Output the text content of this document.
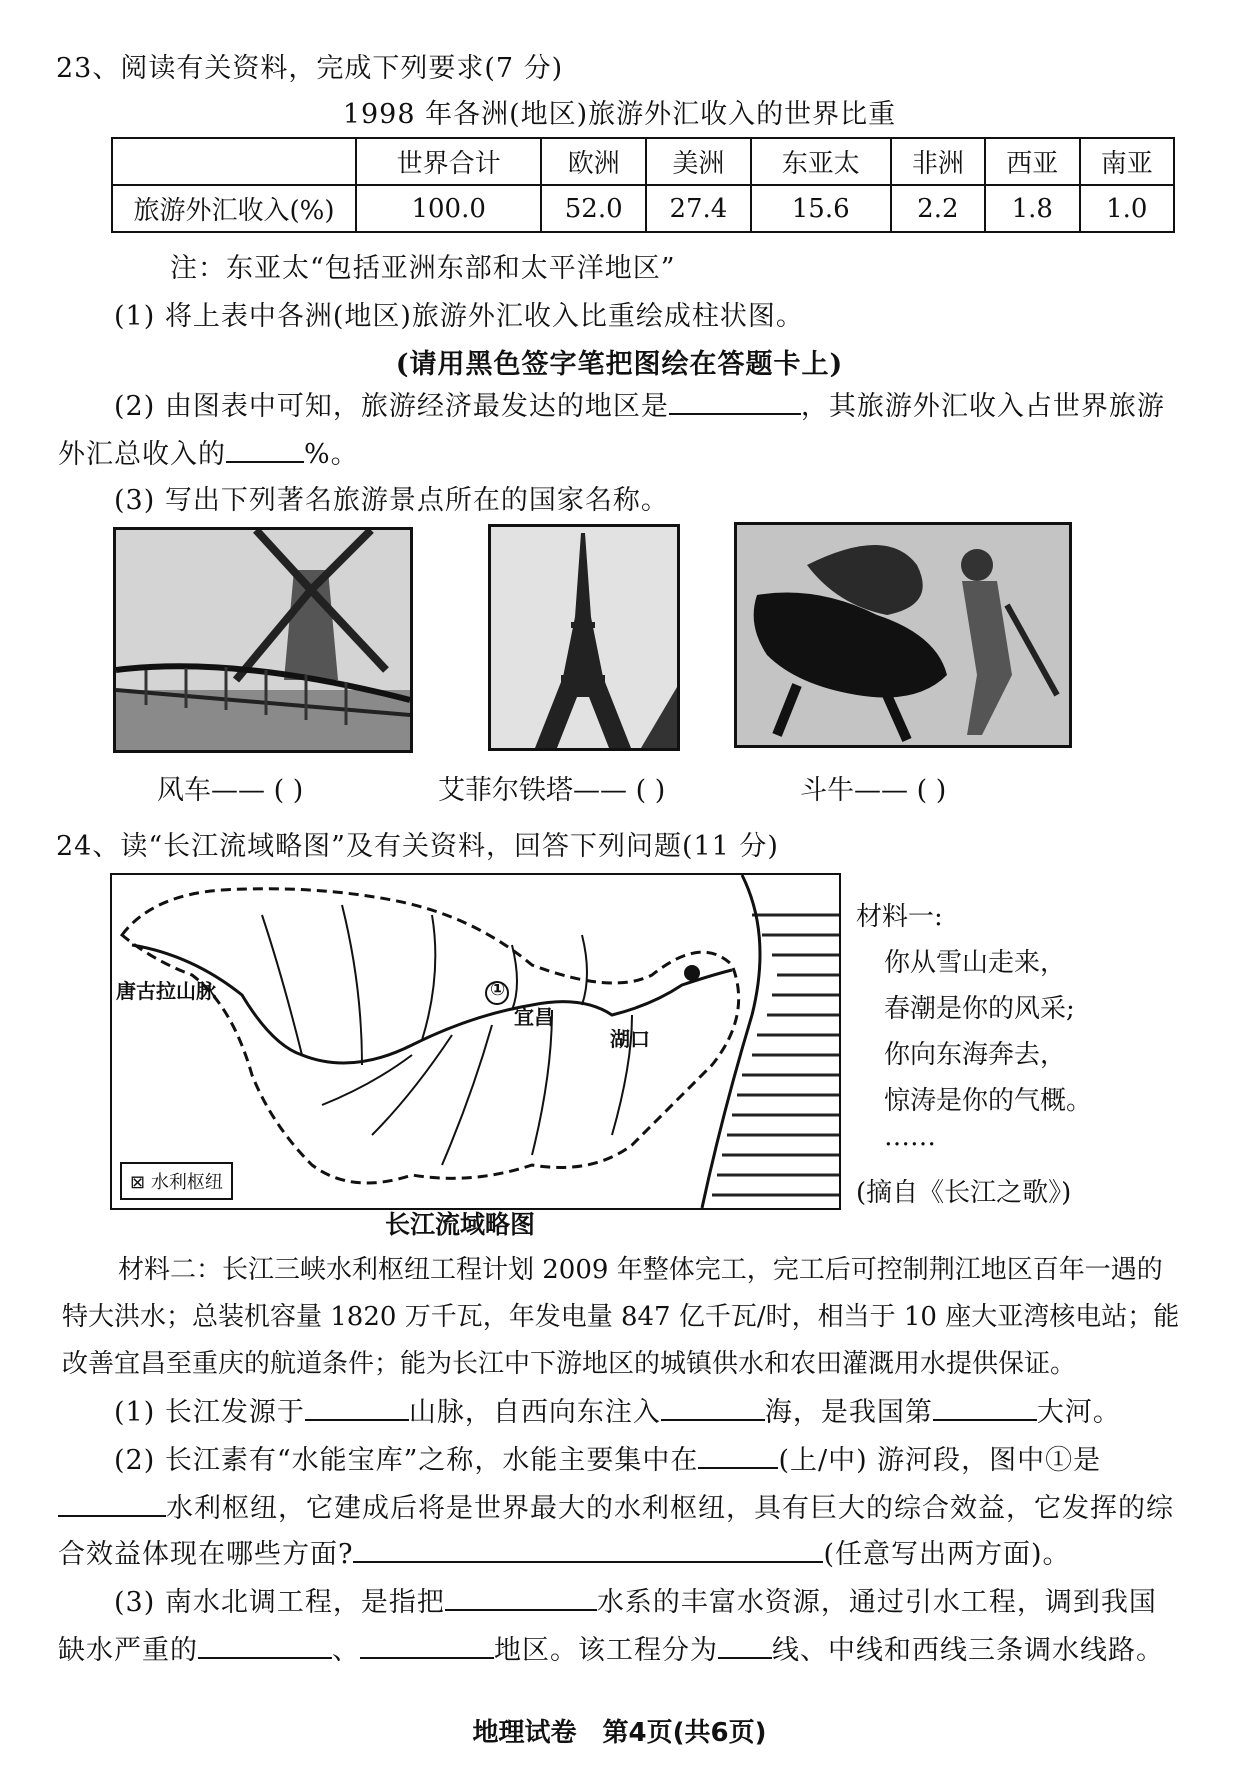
23、阅读有关资料，完成下列要求(7 分)
1998 年各洲(地区)旅游外汇收入的世界比重
	世界合计	欧洲	美洲	东亚太	非洲	西亚	南亚
旅游外汇收入(%)	100.0	52.0	27.4	15.6	2.2	1.8	1.0
注：东亚太“包括亚洲东部和太平洋地区”
(1) 将上表中各洲(地区)旅游外汇收入比重绘成柱状图。
(请用黑色签字笔把图绘在答题卡上)
(2) 由图表中可知，旅游经济最发达的地区是	，其旅游外汇收入占世界旅游
外汇总收入的	%。
(3) 写出下列著名旅游景点所在的国家名称。
风车—— ( )	艾菲尔铁塔—— ( )	斗牛—— ( )
24、读“长江流域略图”及有关资料，回答下列问题(11 分)
唐古拉山脉	①
宜昌
湖口
⊠ 水利枢纽
长江流域略图
材料一:
你从雪山走来，
春潮是你的风采;
你向东海奔去，
惊涛是你的气概。
……
(摘自《长江之歌》)
材料二：长江三峡水利枢纽工程计划 2009 年整体完工，完工后可控制荆江地区百年一遇的特大洪水；总装机容量 1820 万千瓦，年发电量 847 亿千瓦/时，相当于 10 座大亚湾核电站；能改善宜昌至重庆的航道条件；能为长江中下游地区的城镇供水和农田灌溉用水提供保证。
(1) 长江发源于	山脉，自西向东注入	海，是我国第	大河。
(2) 长江素有“水能宝库”之称，水能主要集中在	(上/中) 游河段，图中①是
水利枢纽，它建成后将是世界最大的水利枢纽，具有巨大的综合效益，它发挥的综
合效益体现在哪些方面?	(任意写出两方面)。
(3) 南水北调工程，是指把	水系的丰富水资源，通过引水工程，调到我国
缺水严重的	、	地区。该工程分为 线、中线和西线三条调水线路。
地理试卷　第4页(共6页)
